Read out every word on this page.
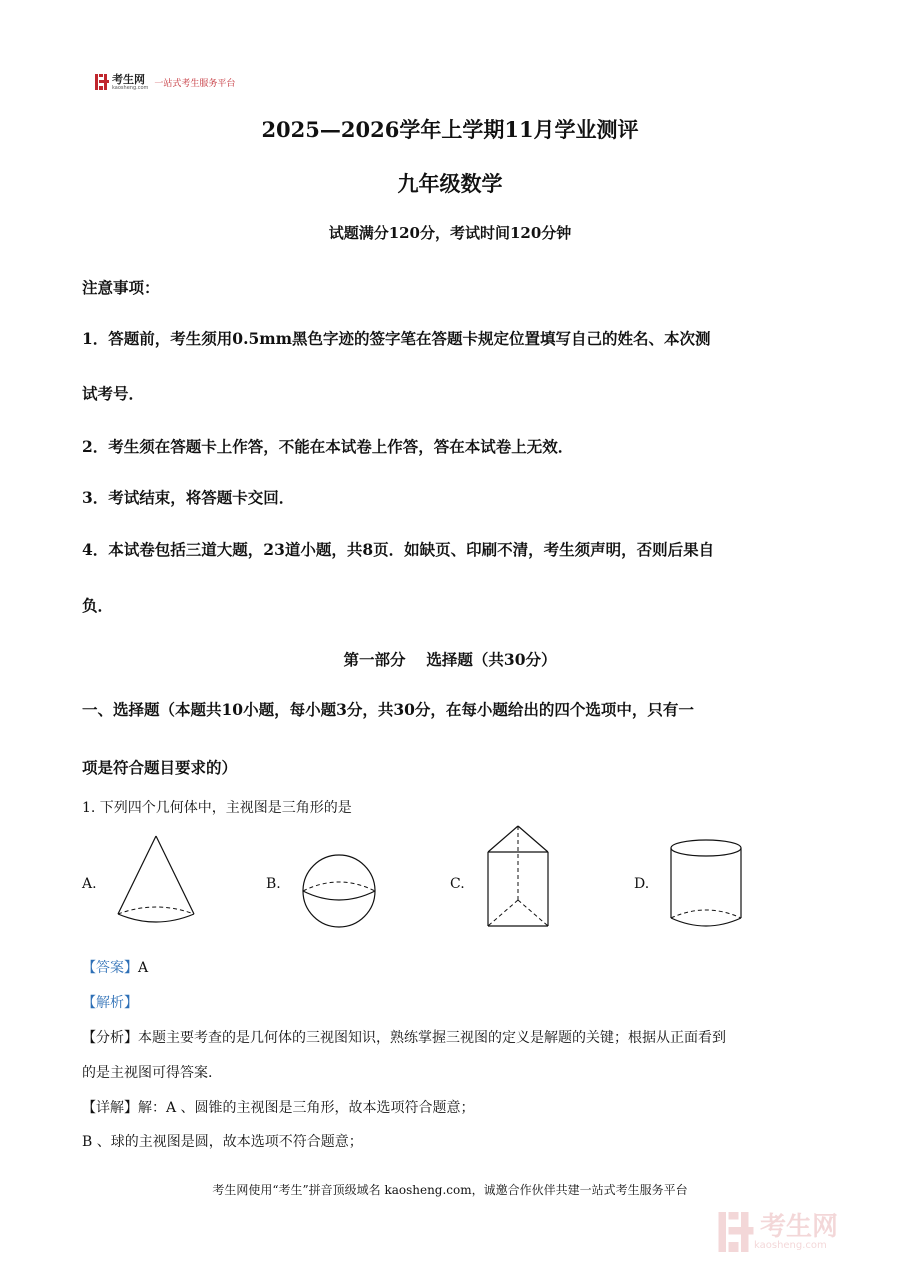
考生网
kaosheng.com 一站式考生服务平台
2025—2026学年上学期11月学业测评
九年级数学
试题满分120分，考试时间120分钟
注意事项：
1．答题前，考生须用0.5mm黑色字迹的签字笔在答题卡规定位置填写自己的姓名、本次测
试考号．
2．考生须在答题卡上作答，不能在本试卷上作答，答在本试卷上无效．
3．考试结束，将答题卡交回．
4．本试卷包括三道大题，23道小题，共8页．如缺页、印刷不清，考生须声明，否则后果自
负．
第一部分　 选择题（共30分）
一、选择题（本题共10小题，每小题3分，共30分，在每小题给出的四个选项中，只有一
项是符合题目要求的）
1. 下列四个几何体中，主视图是三角形的是
A.	B.	C.	D.
【答案】A
【解析】
【分析】本题主要考查的是几何体的三视图知识，熟练掌握三视图的定义是解题的关键；根据从正面看到
的是主视图可得答案.
【详解】解：A 、圆锥的主视图是三角形，故本选项符合题意；
B 、球的主视图是圆，故本选项不符合题意；
考生网使用“考生”拼音顶级域名 kaosheng.com，诚邀合作伙伴共建一站式考生服务平台
考生网
kaosheng.com
